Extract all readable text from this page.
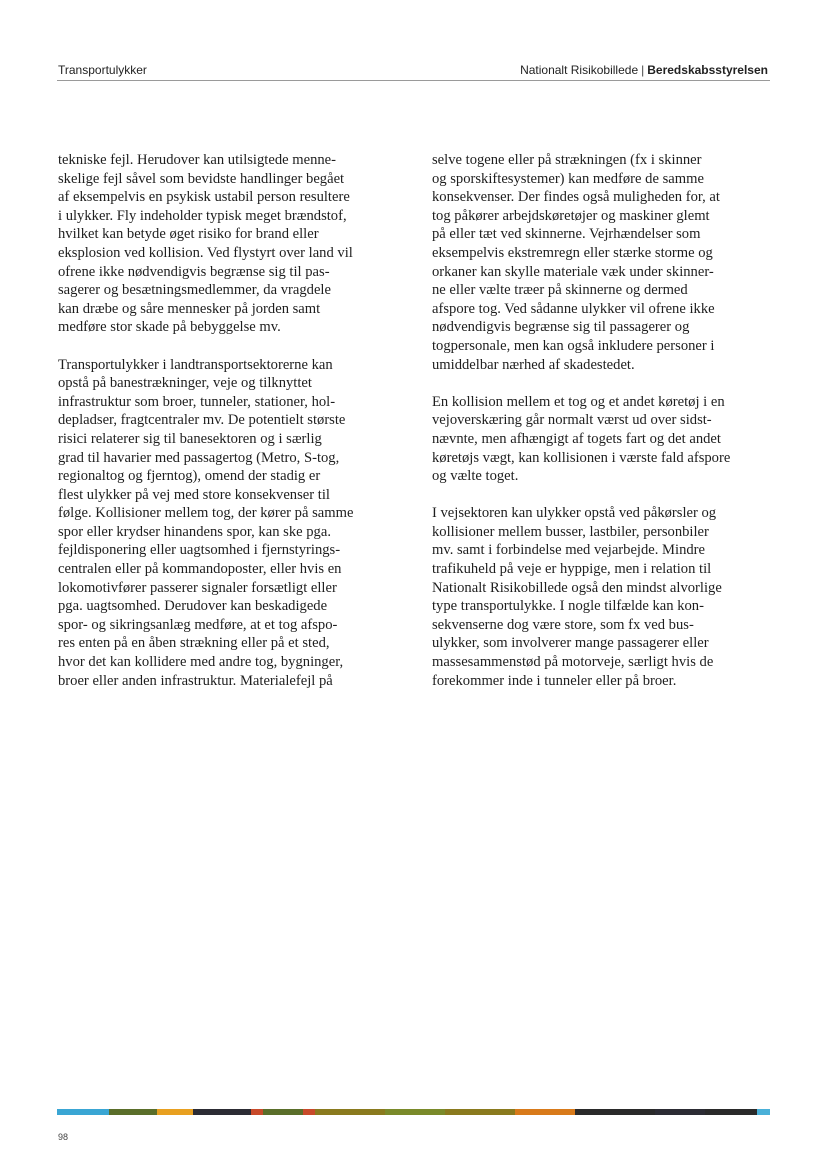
Transportulykker	Nationalt Risikobillede | Beredskabsstyrelsen

tekniske fejl. Herudover kan utilsigtede menne-
skelige fejl såvel som bevidste handlinger begået
af eksempelvis en psykisk ustabil person resultere
i ulykker. Fly indeholder typisk meget brændstof,
hvilket kan betyde øget risiko for brand eller
eksplosion ved kollision. Ved flystyrt over land vil
ofrene ikke nødvendigvis begrænse sig til pas-
sagerer og besætningsmedlemmer, da vragdele
kan dræbe og såre mennesker på jorden samt
medføre stor skade på bebyggelse mv.

Transportulykker i landtransportsektorerne kan
opstå på banestrækninger, veje og tilknyttet
infrastruktur som broer, tunneler, stationer, hol-
depladser, fragtcentraler mv. De potentielt største
risici relaterer sig til banesektoren og i særlig
grad til havarier med passagertog (Metro, S-tog,
regionaltog og fjerntog), omend der stadig er
flest ulykker på vej med store konsekvenser til
følge. Kollisioner mellem tog, der kører på samme
spor eller krydser hinandens spor, kan ske pga.
fejldisponering eller uagtsomhed i fjernstyrings-
centralen eller på kommandoposter, eller hvis en
lokomotivfører passerer signaler forsætligt eller
pga. uagtsomhed. Derudover kan beskadigede
spor- og sikringsanlæg medføre, at et tog afspo-
res enten på en åben strækning eller på et sted,
hvor det kan kollidere med andre tog, bygninger,
broer eller anden infrastruktur. Materialefejl på

selve togene eller på strækningen (fx i skinner
og sporskiftesystemer) kan medføre de samme
konsekvenser. Der findes også muligheden for, at
tog påkører arbejdskøretøjer og maskiner glemt
på eller tæt ved skinnerne. Vejrhændelser som
eksempelvis ekstremregn eller stærke storme og
orkaner kan skylle materiale væk under skinner-
ne eller vælte træer på skinnerne og dermed
afspore tog. Ved sådanne ulykker vil ofrene ikke
nødvendigvis begrænse sig til passagerer og
togpersonale, men kan også inkludere personer i
umiddelbar nærhed af skadestedet.

En kollision mellem et tog og et andet køretøj i en
vejoverskæring går normalt værst ud over sidst-
nævnte, men afhængigt af togets fart og det andet
køretøjs vægt, kan kollisionen i værste fald afspore
og vælte toget.

I vejsektoren kan ulykker opstå ved påkørsler og
kollisioner mellem busser, lastbiler, personbiler
mv. samt i forbindelse med vejarbejde. Mindre
trafikuheld på veje er hyppige, men i relation til
Nationalt Risikobillede også den mindst alvorlige
type transportulykke. I nogle tilfælde kan kon-
sekvenserne dog være store, som fx ved bus-
ulykker, som involverer mange passagerer eller
massesammenstød på motorveje, særligt hvis de
forekommer inde i tunneler eller på broer.

98
